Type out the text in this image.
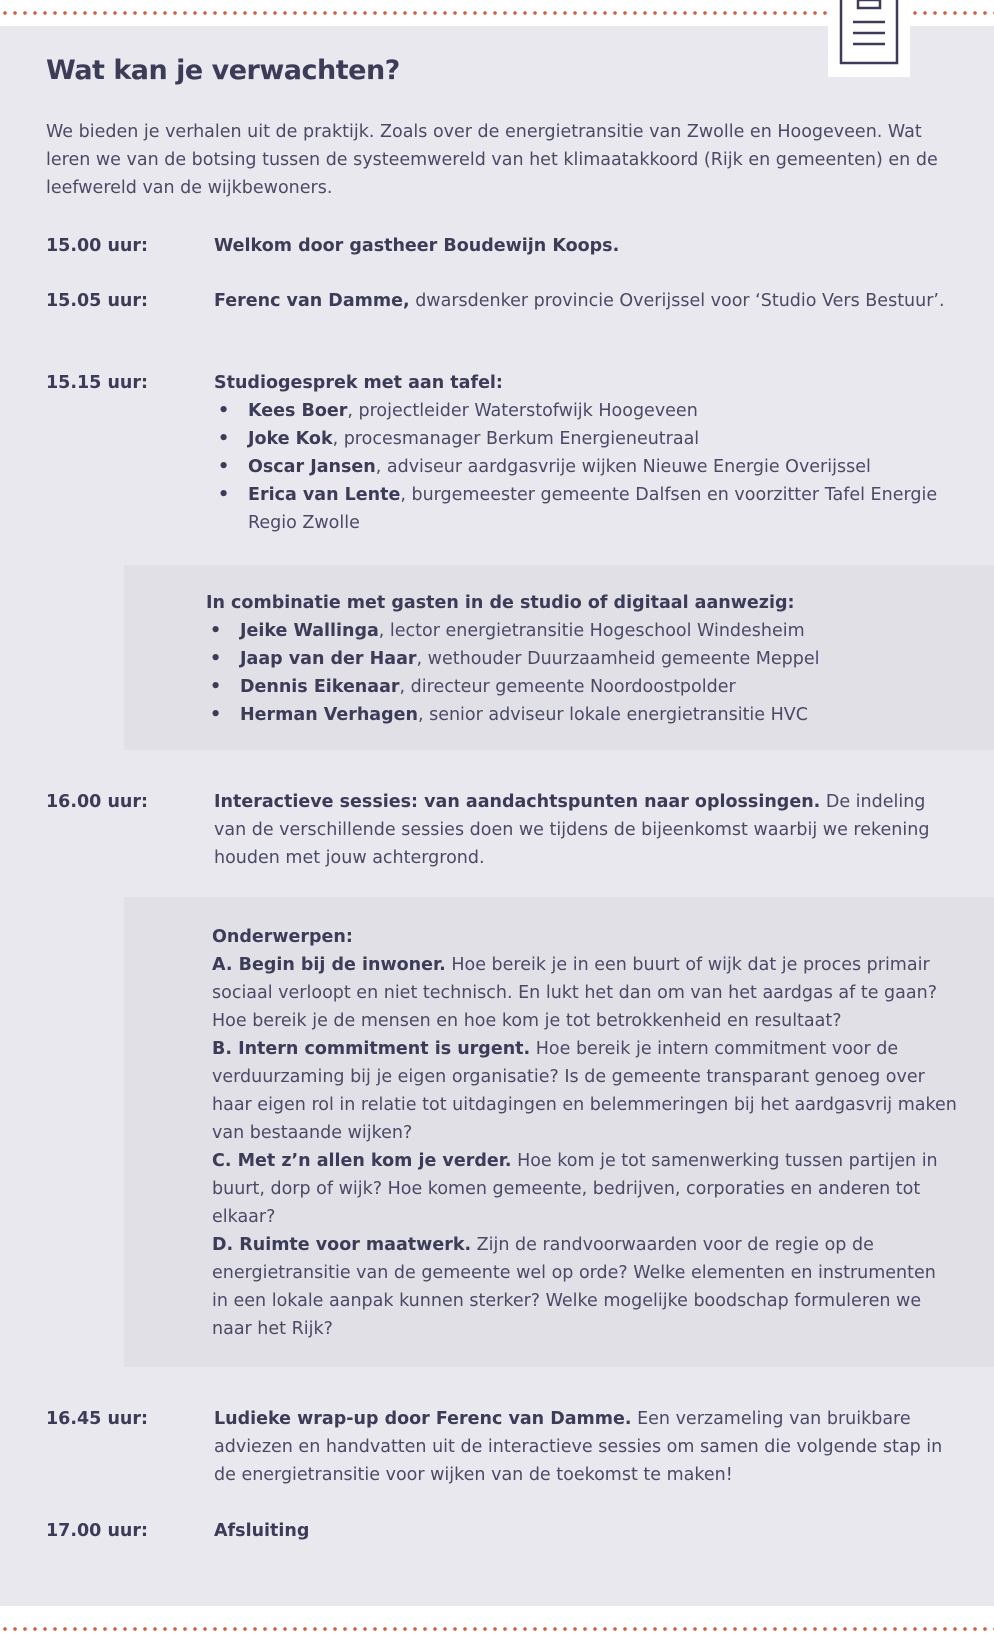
Wat kan je verwachten?

We bieden je verhalen uit de praktijk. Zoals over de energietransitie van Zwolle en Hoogeveen. Wat leren we van de botsing tussen de systeemwereld van het klimaatakkoord (Rijk en gemeenten) en de leefwereld van de wijkbewoners.

15.00 uur:	Welkom door gastheer Boudewijn Koops.
15.05 uur:	Ferenc van Damme, dwarsdenker provincie Overijssel voor ‘Studio Vers Bestuur’.
15.15 uur:	Studiogesprek met aan tafel:
• Kees Boer, projectleider Waterstofwijk Hoogeveen
• Joke Kok, procesmanager Berkum Energieneutraal
• Oscar Jansen, adviseur aardgasvrije wijken Nieuwe Energie Overijssel
• Erica van Lente, burgemeester gemeente Dalfsen en voorzitter Tafel Energie Regio Zwolle
In combinatie met gasten in de studio of digitaal aanwezig:
• Jeike Wallinga, lector energietransitie Hogeschool Windesheim
• Jaap van der Haar, wethouder Duurzaamheid gemeente Meppel
• Dennis Eikenaar, directeur gemeente Noordoostpolder
• Herman Verhagen, senior adviseur lokale energietransitie HVC
16.00 uur:	Interactieve sessies: van aandachtspunten naar oplossingen. De indeling van de verschillende sessies doen we tijdens de bijeenkomst waarbij we rekening houden met jouw achtergrond.
Onderwerpen:

A. Begin bij de inwoner. Hoe bereik je in een buurt of wijk dat je proces primair sociaal verloopt en niet technisch. En lukt het dan om van het aardgas af te gaan? Hoe bereik je de mensen en hoe kom je tot betrokkenheid en resultaat?

B. Intern commitment is urgent. Hoe bereik je intern commitment voor de verduurzaming bij je eigen organisatie? Is de gemeente transparant genoeg over haar eigen rol in relatie tot uitdagingen en belemmeringen bij het aardgasvrij maken van bestaande wijken?

C. Met z’n allen kom je verder. Hoe kom je tot samenwerking tussen partijen in buurt, dorp of wijk? Hoe komen gemeente, bedrijven, corporaties en anderen tot elkaar?

D. Ruimte voor maatwerk. Zijn de randvoorwaarden voor de regie op de energietransitie van de gemeente wel op orde? Welke elementen en instrumenten in een lokale aanpak kunnen sterker? Welke mogelijke boodschap formuleren we naar het Rijk?

16.45 uur:	Ludieke wrap-up door Ferenc van Damme. Een verzameling van bruikbare adviezen en handvatten uit de interactieve sessies om samen die volgende stap in de energietransitie voor wijken van de toekomst te maken!
17.00 uur:	Afsluiting
